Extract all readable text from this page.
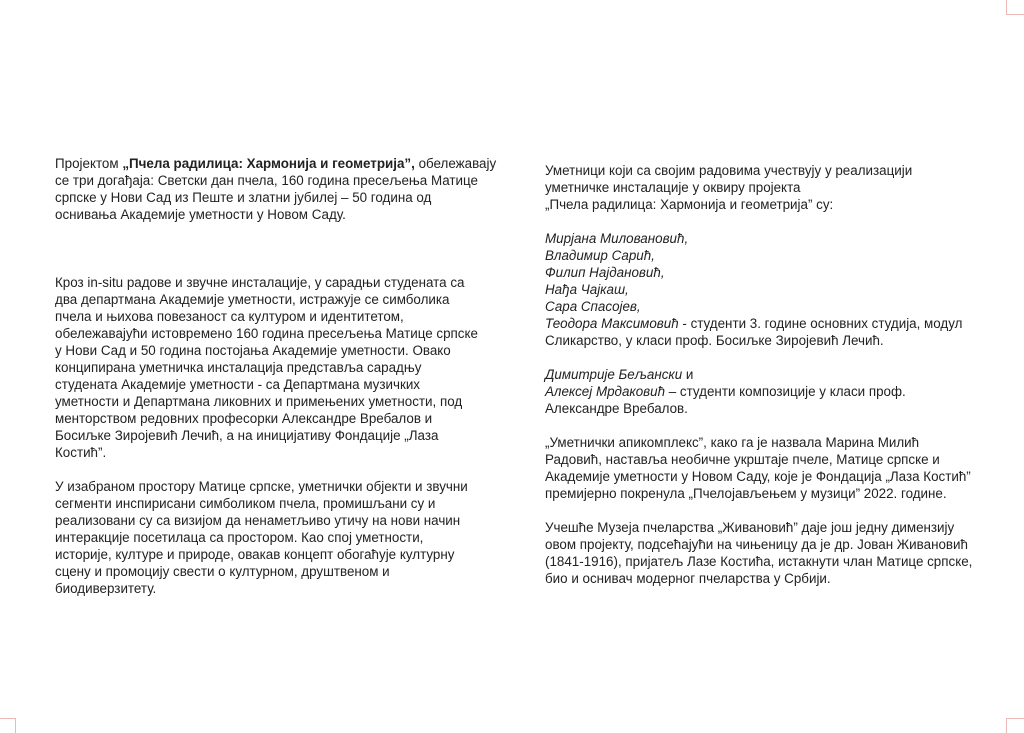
Пројектом „Пчела радилица: Хармонија и геометрија”, обележавају
се три догађаја: Светски дан пчела, 160 година пресељења Матице
српске у Нови Сад из Пеште и златни јубилеј – 50 година од
оснивања Академије уметности у Новом Саду.
Кроз in-situ радове и звучне инсталације, у сарадњи студената са
два департмана Академије уметности, истражује се симболика
пчела и њихова повезаност са културом и идентитетом,
обележавајући истовремено 160 година пресељења Матице српске
у Нови Сад и 50 година постојања Академије уметности. Овако
конципирана уметничка инсталација представља сарадњу
студената Академије уметности - са Департмана музичких
уметности и Департмана ликовних и примењених уметности, под
менторством редовних професорки Александре Вребалов и
Босиљке Зиројевић Лечић, а на иницијативу Фондације „Лаза
Костић”.
У изабраном простору Матице српске, уметнички објекти и звучни
сегменти инспирисани симболиком пчела, промишљани су и
реализовани су са визијом да ненаметљиво утичу на нови начин
интеракције посетилаца са простором. Као спој уметности,
историје, културе и природе, овакав концепт обогаћује културну
сцену и промоцију свести о културном, друштвеном и
биодиверзитету.
Уметници који са својим радовима учествују у реализацији
уметничке инсталације у оквиру пројекта
„Пчела радилица: Хармонија и геометрија” су:
Мирјана Миловановић,
Владимир Сарић,
Филип Најдановић,
Нађа Чајкаш,
Сара Спасојев,
Теодора Максимовић - студенти 3. године основних студија, модул
Сликарство, у класи проф. Босиљке Зиројевић Лечић.
Димитрије Бељански и
Алексеј Мрдаковић – студенти композиције у класи проф.
Александре Вребалов.
„Уметнички апикомплекс”, како га је назвала Марина Милић
Радовић, наставља необичне укрштаје пчеле, Матице српске и
Академије уметности у Новом Саду, које је Фондација „Лаза Костић”
премијерно покренула „Пчелојављењем у музици” 2022. године.
Учешће Музеја пчеларства „Живановић” даје још једну димензију
овом пројекту, подсећајући на чињеницу да је др. Јован Живановић
(1841-1916), пријатељ Лазе Костића, истакнути члан Матице српске,
био и оснивач модерног пчеларства у Србији.
